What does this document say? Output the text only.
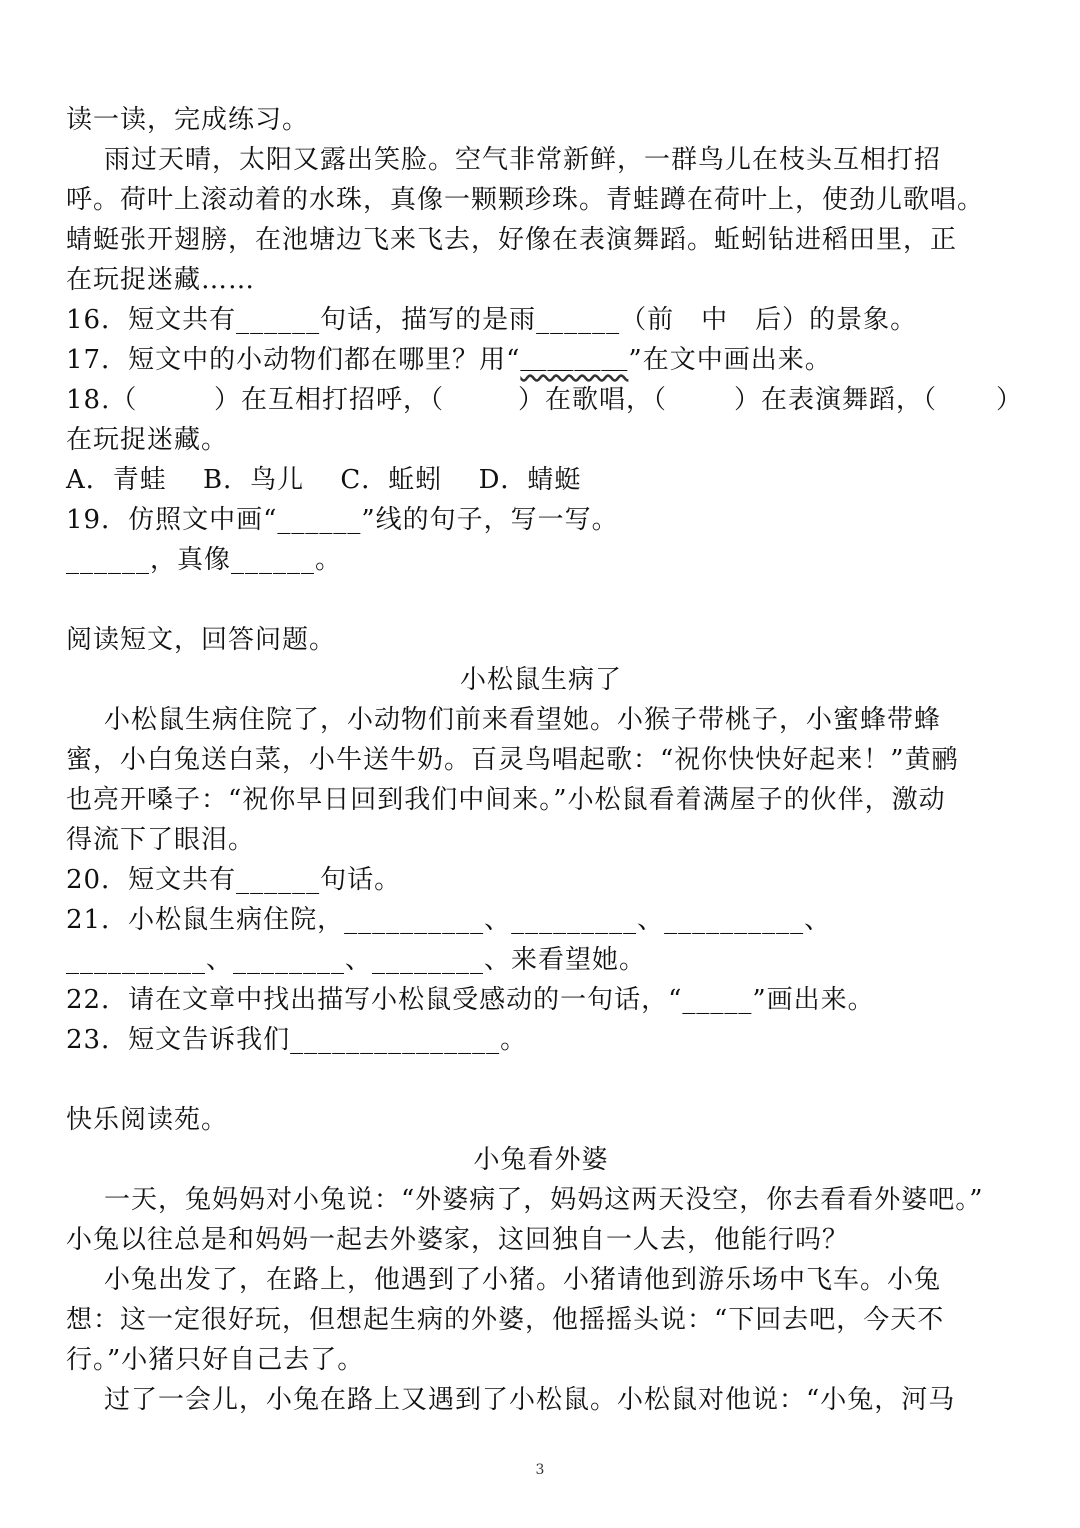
读一读，完成练习。
雨过天晴，太阳又露出笑脸。空气非常新鲜，一群鸟儿在枝头互相打招
呼。荷叶上滚动着的水珠，真像一颗颗珍珠。青蛙蹲在荷叶上，使劲儿歌唱。
蜻蜓张开翅膀，在池塘边飞来飞去，好像在表演舞蹈。蚯蚓钻进稻田里，正
在玩捉迷藏……
16．短文共有______句话，描写的是雨______（前　中　后）的景象。
17．短文中的小动物们都在哪里？用“＿＿＿＿”在文中画出来。
18.（	）在互相打招呼，（	）在歌唱，（	）在表演舞蹈，（ ）
在玩捉迷藏。
A．青蛙　 B．鸟儿　 C．蚯蚓　 D．蜻蜓
19．仿照文中画“______”线的句子，写一写。
______，真像______。
阅读短文，回答问题。
小松鼠生病了
小松鼠生病住院了，小动物们前来看望她。小猴子带桃子，小蜜蜂带蜂
蜜，小白兔送白菜，小牛送牛奶。百灵鸟唱起歌：“祝你快快好起来！”黄鹂
也亮开嗓子：“祝你早日回到我们中间来。”小松鼠看着满屋子的伙伴，激动
得流下了眼泪。
20．短文共有______句话。
21．小松鼠生病住院，__________、_________、__________、
__________、________、________、来看望她。
22．请在文章中找出描写小松鼠受感动的一句话，“_____”画出来。
23．短文告诉我们_______________。
快乐阅读苑。
小兔看外婆
一天，兔妈妈对小兔说：“外婆病了，妈妈这两天没空，你去看看外婆吧。”
小兔以往总是和妈妈一起去外婆家，这回独自一人去，他能行吗？
小兔出发了，在路上，他遇到了小猪。小猪请他到游乐场中飞车。小兔
想：这一定很好玩，但想起生病的外婆，他摇摇头说：“下回去吧，今天不
行。”小猪只好自己去了。
过了一会儿，小兔在路上又遇到了小松鼠。小松鼠对他说：“小兔，河马
3
